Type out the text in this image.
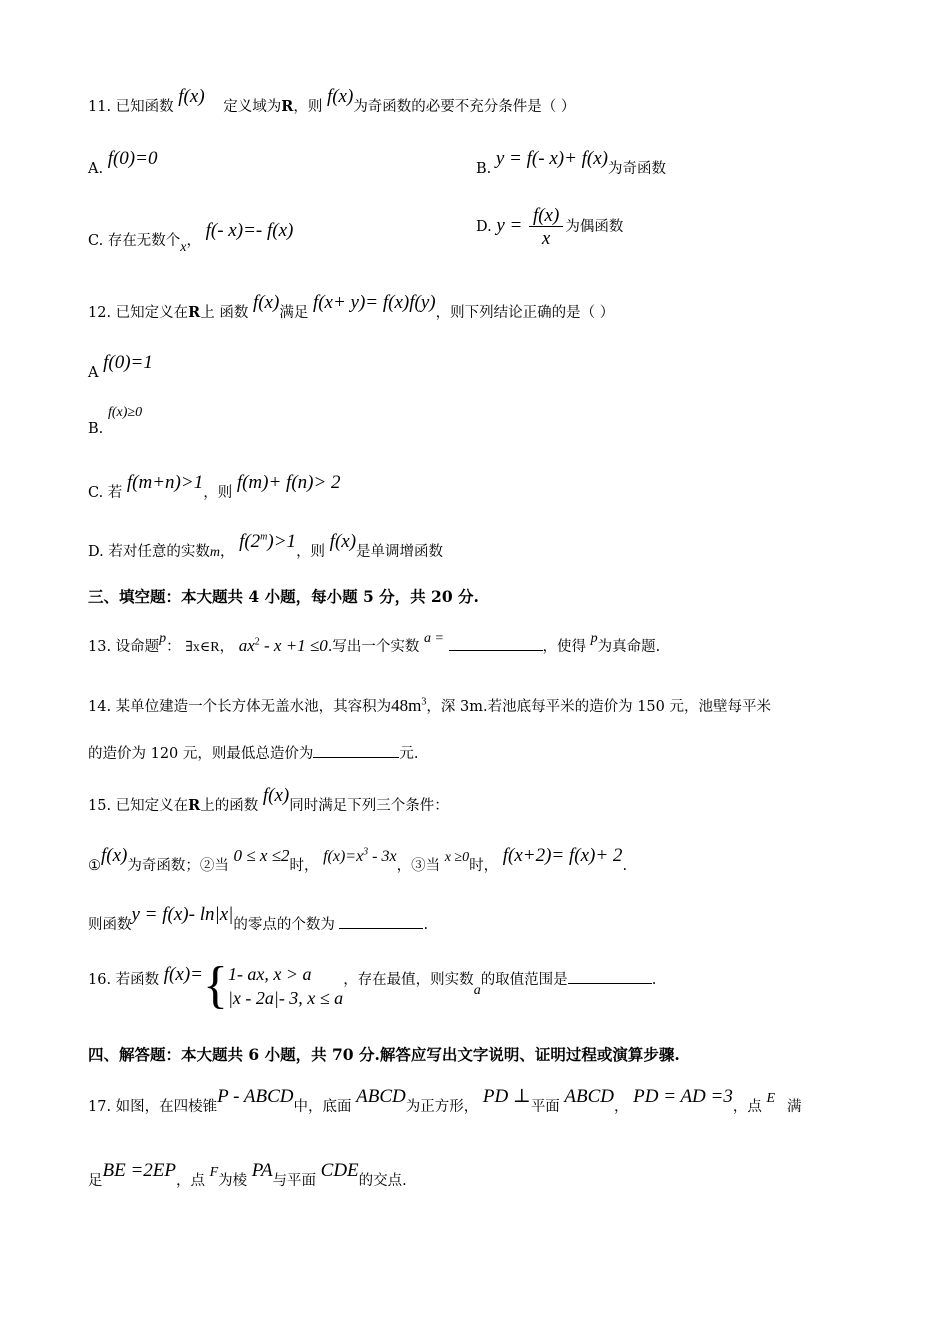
11. 已知函数 f(x) 定义域为R，则 f(x)为奇函数的必要不充分条件是（ ）
A. f(0)=0	B. y = f(- x)+ f(x)为奇函数
C. 存在无数个x， f(- x)=- f(x)	D. $y = \frac{f(x)}{x}$ 为偶函数
12. 已知定义在R上 函数 f(x)满足 f(x+ y)= f(x)f(y)，则下列结论正确的是（ ）
A f(0)=1
f(x)≥0
B.
C. 若 f(m+n)>1，则 f(m)+ f(n)> 2
D. 若对任意的实数m， $f(2^m)>1$，则 f(x)是单调增函数
三、填空题：本大题共 4 小题，每小题 5 分，共 20 分.
13. 设命题p： ∃x∈R， $ax^2 - x +1 \le 0$.写出一个实数 a = ，使得 p为真命题.
14. 某单位建造一个长方体无盖水池，其容积为$48m^3$，深 3m.若池底每平米的造价为 150 元，池壁每平米
的造价为 120 元，则最低总造价为	元.
15. 已知定义在R上的函数 f(x)同时满足下列三个条件：
①f(x)为奇函数；②当 0 ≤ x ≤2时， $f(x)=x^3 - 3x$，③当 x ≥0时， f(x+2)= f(x)+ 2.
则函数y = f(x)- ln|x|的零点的个数为	.
16. 若函数 f(x)={ 1- ax, x > a
|x - 2a|- 3, x ≤ a
，存在最值，则实数a的取值范围是	.
四、解答题：本大题共 6 小题，共 70 分.解答应写出文字说明、证明过程或演算步骤.
17. 如图，在四棱锥P - ABCD中，底面 ABCD为正方形， PD ⊥平面 ABCD， PD = AD =3，点 E满
足BE =2EP，点 F为棱 PA与平面 CDE的交点.
